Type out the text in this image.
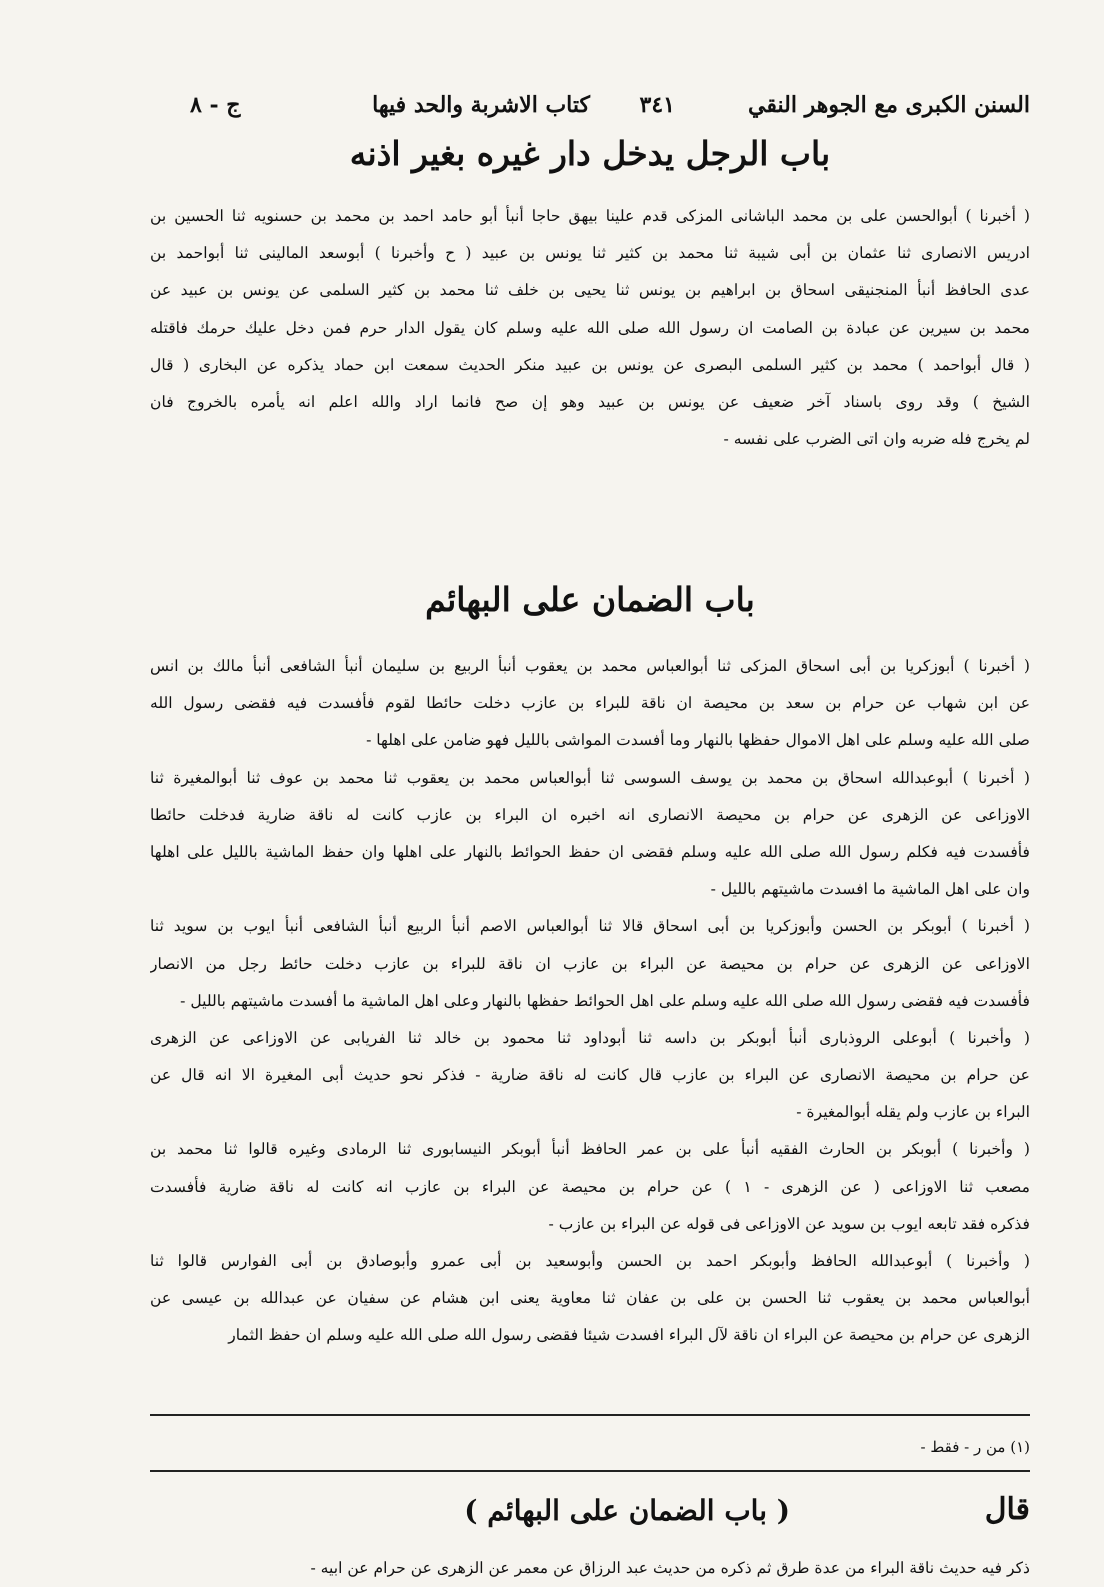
السنن الكبرى مع الجوهر النقي
٣٤١
كتاب الاشربة والحد فيها
ج - ٨
باب الرجل يدخل دار غيره بغير اذنه
( أخبرنا ) أبوالحسن على بن محمد الباشانى المزكى قدم علينا بيهق حاجا أنبأ أبو حامد احمد بن محمد بن حسنويه ثنا الحسين بن
ادريس الانصارى ثنا عثمان بن أبى شيبة ثنا محمد بن كثير ثنا يونس بن عبيد ( ح وأخبرنا ) أبوسعد المالينى ثنا أبواحمد بن
عدى الحافظ أنبأ المنجنيقى اسحاق بن ابراهيم بن يونس ثنا يحيى بن خلف ثنا محمد بن كثير السلمى عن يونس بن عبيد عن
محمد بن سيرين عن عبادة بن الصامت ان رسول الله صلى الله عليه وسلم كان يقول الدار حرم فمن دخل عليك حرمك فاقتله
( قال أبواحمد ) محمد بن كثير السلمى البصرى عن يونس بن عبيد منكر الحديث سمعت ابن حماد يذكره عن البخارى ( قال
الشيخ ) وقد روى باسناد آخر ضعيف عن يونس بن عبيد وهو إن صح فانما اراد والله اعلم انه يأمره بالخروج فان
لم يخرج فله ضربه وان اتى الضرب على نفسه -
باب الضمان على البهائم
( أخبرنا ) أبوزكريا بن أبى اسحاق المزكى ثنا أبوالعباس محمد بن يعقوب أنبأ الربيع بن سليمان أنبأ الشافعى أنبأ مالك بن انس
عن ابن شهاب عن حرام بن سعد بن محيصة ان ناقة للبراء بن عازب دخلت حائطا لقوم فأفسدت فيه فقضى رسول الله
صلى الله عليه وسلم على اهل الاموال حفظها بالنهار وما أفسدت المواشى بالليل فهو ضامن على اهلها -
( أخبرنا ) أبوعبدالله اسحاق بن محمد بن يوسف السوسى ثنا أبوالعباس محمد بن يعقوب ثنا محمد بن عوف ثنا أبوالمغيرة ثنا
الاوزاعى عن الزهرى عن حرام بن محيصة الانصارى انه اخبره ان البراء بن عازب كانت له ناقة ضارية فدخلت حائطا
فأفسدت فيه فكلم رسول الله صلى الله عليه وسلم فقضى ان حفظ الحوائط بالنهار على اهلها وان حفظ الماشية بالليل على اهلها
وان على اهل الماشية ما افسدت ماشيتهم بالليل -
( أخبرنا ) أبوبكر بن الحسن وأبوزكريا بن أبى اسحاق قالا ثنا أبوالعباس الاصم أنبأ الربيع أنبأ الشافعى أنبأ ايوب بن سويد ثنا
الاوزاعى عن الزهرى عن حرام بن محيصة عن البراء بن عازب ان ناقة للبراء بن عازب دخلت حائط رجل من الانصار
فأفسدت فيه فقضى رسول الله صلى الله عليه وسلم على اهل الحوائط حفظها بالنهار وعلى اهل الماشية ما أفسدت ماشيتهم بالليل -
( وأخبرنا ) أبوعلى الروذبارى أنبأ أبوبكر بن داسه ثنا أبوداود ثنا محمود بن خالد ثنا الفريابى عن الاوزاعى عن الزهرى
عن حرام بن محيصة الانصارى عن البراء بن عازب قال كانت له ناقة ضارية - فذكر نحو حديث أبى المغيرة الا انه قال عن
البراء بن عازب ولم يقله أبوالمغيرة -
( وأخبرنا ) أبوبكر بن الحارث الفقيه أنبأ على بن عمر الحافظ أنبأ أبوبكر النيسابورى ثنا الرمادى وغيره قالوا ثنا محمد بن
مصعب ثنا الاوزاعى ( عن الزهرى - ١ ) عن حرام بن محيصة عن البراء بن عازب انه كانت له ناقة ضارية فأفسدت
فذكره فقد تابعه ايوب بن سويد عن الاوزاعى فى قوله عن البراء بن عازب -
( وأخبرنا ) أبوعبدالله الحافظ وأبوبكر احمد بن الحسن وأبوسعيد بن أبى عمرو وأبوصادق بن أبى الفوارس قالوا ثنا
أبوالعباس محمد بن يعقوب ثنا الحسن بن على بن عفان ثنا معاوية يعنى ابن هشام عن سفيان عن عبدالله بن عيسى عن
الزهرى عن حرام بن محيصة عن البراء ان ناقة لآل البراء افسدت شيئا فقضى رسول الله صلى الله عليه وسلم ان حفظ الثمار
(١) من ر - فقط -
قال
( باب الضمان على البهائم )
ذكر فيه حديث ناقة البراء من عدة طرق ثم ذكره من حديث عبد الرزاق عن معمر عن الزهرى عن حرام عن ابيه -
